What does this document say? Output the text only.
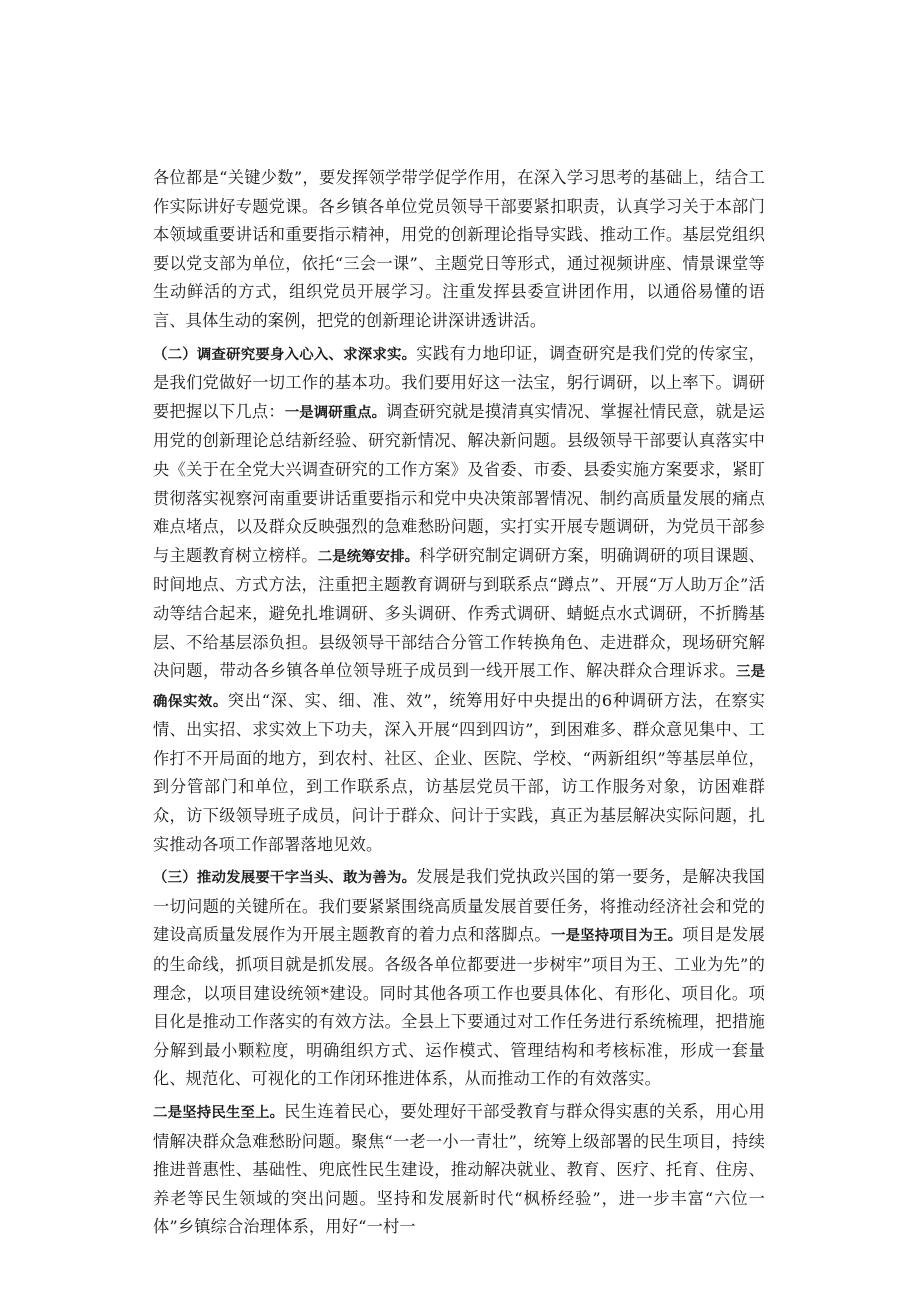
各位都是“关键少数”，要发挥领学带学促学作用，在深入学习思考的基础上，结合工作实际讲好专题党课。各乡镇各单位党员领导干部要紧扣职责，认真学习关于本部门本领域重要讲话和重要指示精神，用党的创新理论指导实践、推动工作。基层党组织要以党支部为单位，依托“三会一课”、主题党日等形式，通过视频讲座、情景课堂等生动鲜活的方式，组织党员开展学习。注重发挥县委宣讲团作用，以通俗易懂的语言、具体生动的案例，把党的创新理论讲深讲透讲活。

（二）调查研究要身入心入、求深求实。实践有力地印证，调查研究是我们党的传家宝，是我们党做好一切工作的基本功。我们要用好这一法宝，躬行调研，以上率下。调研要把握以下几点：一是调研重点。调查研究就是摸清真实情况、掌握社情民意，就是运用党的创新理论总结新经验、研究新情况、解决新问题。县级领导干部要认真落实中央《关于在全党大兴调查研究的工作方案》及省委、市委、县委实施方案要求，紧盯贯彻落实视察河南重要讲话重要指示和党中央决策部署情况、制约高质量发展的痛点难点堵点，以及群众反映强烈的急难愁盼问题，实打实开展专题调研，为党员干部参与主题教育树立榜样。二是统筹安排。科学研究制定调研方案，明确调研的项目课题、时间地点、方式方法，注重把主题教育调研与到联系点“蹲点”、开展“万人助万企”活动等结合起来，避免扎堆调研、多头调研、作秀式调研、蜻蜓点水式调研，不折腾基层、不给基层添负担。县级领导干部结合分管工作转换角色、走进群众，现场研究解决问题，带动各乡镇各单位领导班子成员到一线开展工作、解决群众合理诉求。三是确保实效。突出“深、实、细、准、效”，统筹用好中央提出的6种调研方法，在察实情、出实招、求实效上下功夫，深入开展“四到四访”，到困难多、群众意见集中、工作打不开局面的地方，到农村、社区、企业、医院、学校、“两新组织”等基层单位，到分管部门和单位，到工作联系点，访基层党员干部，访工作服务对象，访困难群众，访下级领导班子成员，问计于群众、问计于实践，真正为基层解决实际问题，扎实推动各项工作部署落地见效。

（三）推动发展要干字当头、敢为善为。发展是我们党执政兴国的第一要务，是解决我国一切问题的关键所在。我们要紧紧围绕高质量发展首要任务，将推动经济社会和党的建设高质量发展作为开展主题教育的着力点和落脚点。一是坚持项目为王。项目是发展的生命线，抓项目就是抓发展。各级各单位都要进一步树牢”项目为王、工业为先”的理念，以项目建设统领*建设。同时其他各项工作也要具体化、有形化、项目化。项目化是推动工作落实的有效方法。全县上下要通过对工作任务进行系统梳理，把措施分解到最小颗粒度，明确组织方式、运作模式、管理结构和考核标准，形成一套量化、规范化、可视化的工作闭环推进体系，从而推动工作的有效落实。

二是坚持民生至上。民生连着民心，要处理好干部受教育与群众得实惠的关系，用心用情解决群众急难愁盼问题。聚焦“一老一小一青壮”，统筹上级部署的民生项目，持续推进普惠性、基础性、兜底性民生建设，推动解决就业、教育、医疗、托育、住房、养老等民生领域的突出问题。坚持和发展新时代“枫桥经验”，进一步丰富“六位一体”乡镇综合治理体系，用好“一村一
